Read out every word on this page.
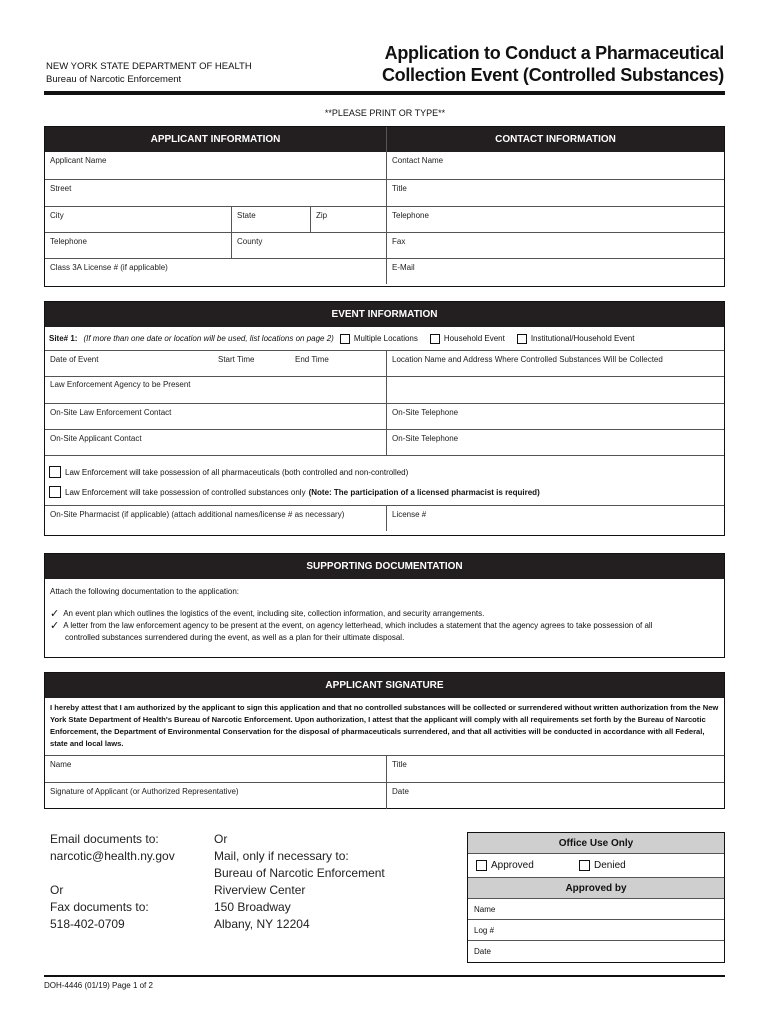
NEW YORK STATE DEPARTMENT OF HEALTH
Bureau of Narcotic Enforcement
Application to Conduct a Pharmaceutical
Collection Event (Controlled Substances)
**PLEASE PRINT OR TYPE**
APPLICANT INFORMATION	CONTACT INFORMATION
Applicant Name	Contact Name
Street	Title
City	State	Zip	Telephone
Telephone	County	Fax
Class 3A License # (if applicable)	E-Mail
EVENT INFORMATION
Site# 1: (If more than one date or location will be used, list locations on page 2)	Multiple Locations	Household Event	Institutional/Household Event
Date of Event	Start Time	End Time	Location Name and Address Where Controlled Substances Will be Collected
Law Enforcement Agency to be Present
On-Site Law Enforcement Contact	On-Site Telephone
On-Site Applicant Contact	On-Site Telephone
Law Enforcement will take possession of all pharmaceuticals (both controlled and non-controlled)
Law Enforcement will take possession of controlled substances only (Note: The participation of a licensed pharmacist is required)
On-Site Pharmacist (if applicable) (attach additional names/license # as necessary)	License #
SUPPORTING DOCUMENTATION
Attach the following documentation to the application:
✓ An event plan which outlines the logistics of the event, including site, collection information, and security arrangements.
✓ A letter from the law enforcement agency to be present at the event, on agency letterhead, which includes a statement that the agency agrees to take possession of all
controlled substances surrendered during the event, as well as a plan for their ultimate disposal.
APPLICANT SIGNATURE
I hereby attest that I am authorized by the applicant to sign this application and that no controlled substances will be collected or surrendered without written authorization from the New York State Department of Health's Bureau of Narcotic Enforcement. Upon authorization, I attest that the applicant will comply with all requirements set forth by the Bureau of Narcotic Enforcement, the Department of Environmental Conservation for the disposal of pharmaceuticals surrendered, and that all activities will be conducted in accordance with all Federal, state and local laws.
Name	Title
Signature of Applicant (or Authorized Representative)	Date
Email documents to:
narcotic@health.ny.gov
Or
Fax documents to:
518-402-0709
Or
Mail, only if necessary to:
Bureau of Narcotic Enforcement
Riverview Center
150 Broadway
Albany, NY 12204
Office Use Only
Approved	Denied
Approved by
Name
Log #
Date
DOH-4446 (01/19) Page 1 of 2
